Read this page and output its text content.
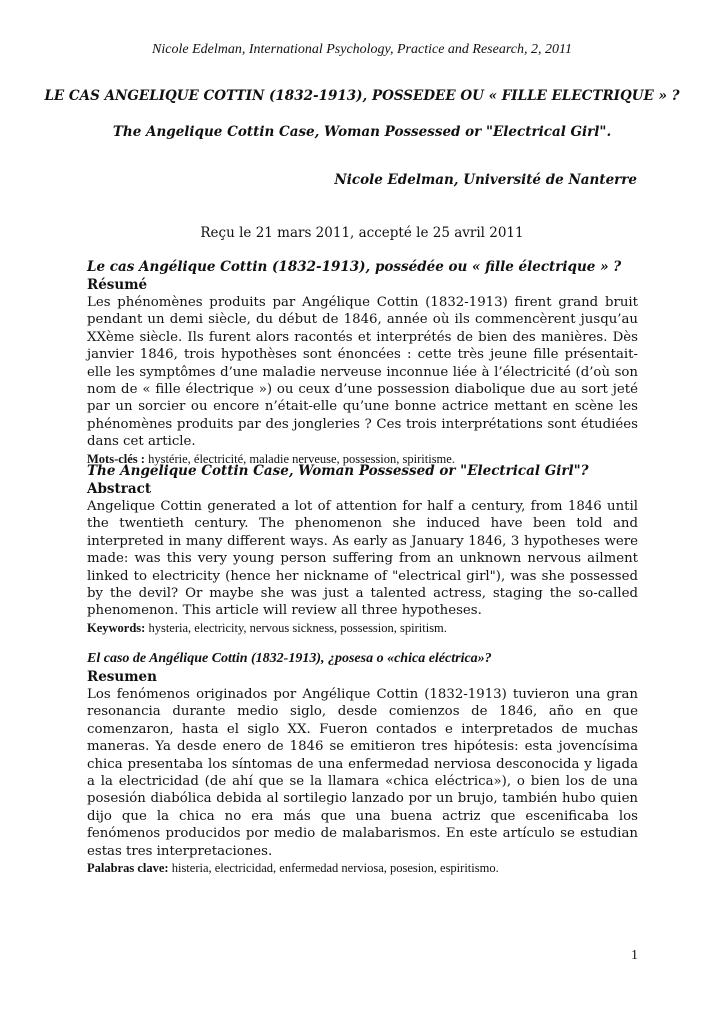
Nicole Edelman, International Psychology, Practice and Research, 2, 2011
LE CAS ANGELIQUE COTTIN (1832-1913), POSSEDEE OU « FILLE ELECTRIQUE » ?
The Angelique Cottin Case, Woman Possessed or "Electrical Girl".
Nicole Edelman, Université de Nanterre
Reçu le 21 mars 2011, accepté le 25 avril 2011
Le cas Angélique Cottin (1832-1913), possédée ou « fille électrique » ?
Résumé

Les phénomènes produits par Angélique Cottin (1832-1913) firent grand bruit pendant un demi siècle, du début de 1846, année où ils commencèrent jusqu’au XXème siècle. Ils furent alors racontés et interprétés de bien des manières. Dès janvier 1846, trois hypothèses sont énoncées : cette très jeune fille présentait-elle les symptômes d’une maladie nerveuse inconnue liée à l’électricité (d’où son nom de « fille électrique ») ou ceux d’une possession diabolique due au sort jeté par un sorcier ou encore n’était-elle qu’une bonne actrice mettant en scène les phénomènes produits par des jongleries ? Ces trois interprétations sont étudiées dans cet article.

Mots-clés : hystérie, électricité, maladie nerveuse, possession, spiritisme.
The Angelique Cottin Case, Woman Possessed or "Electrical Girl"?
Abstract

Angelique Cottin generated a lot of attention for half a century, from 1846 until the twentieth century. The phenomenon she induced have been told and interpreted in many different ways. As early as January 1846, 3 hypotheses were made: was this very young person suffering from an unknown nervous ailment linked to electricity (hence her nickname of "electrical girl"), was she possessed by the devil? Or maybe she was just a talented actress, staging the so-called phenomenon. This article will review all three hypotheses.

Keywords: hysteria, electricity, nervous sickness, possession, spiritism.
El caso de Angélique Cottin (1832-1913), ¿posesa o «chica eléctrica»?
Resumen

Los fenómenos originados por Angélique Cottin (1832-1913) tuvieron una gran resonancia durante medio siglo, desde comienzos de 1846, año en que comenzaron, hasta el siglo XX. Fueron contados e interpretados de muchas maneras. Ya desde enero de 1846 se emitieron tres hipótesis: esta jovencísima chica presentaba los síntomas de una enfermedad nerviosa desconocida y ligada a la electricidad (de ahí que se la llamara «chica eléctrica»), o bien los de una posesión diabólica debida al sortilegio lanzado por un brujo, también hubo quien dijo que la chica no era más que una buena actriz que escenificaba los fenómenos producidos por medio de malabarismos. En este artículo se estudian estas tres interpretaciones.

Palabras clave: histeria, electricidad, enfermedad nerviosa, posesion, espiritismo.
1
